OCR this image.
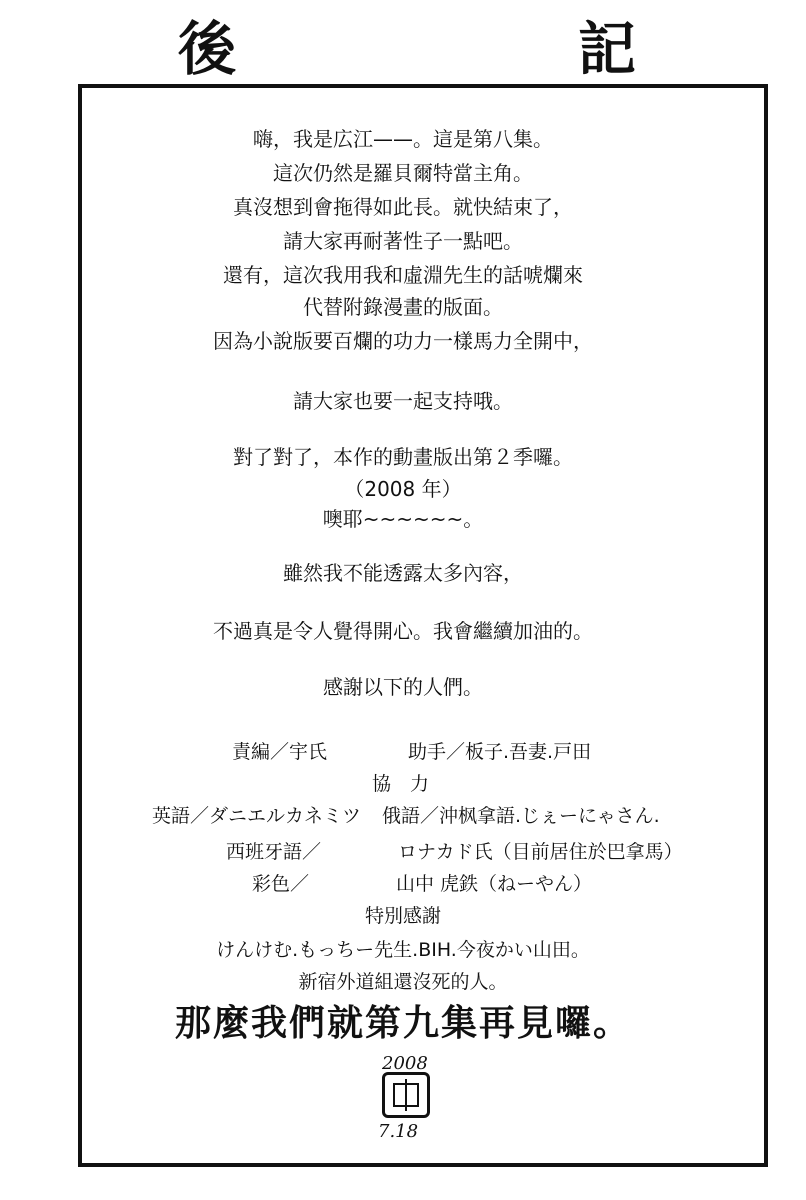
後	記
嗨，我是広江——。這是第八集。
這次仍然是羅貝爾特當主角。
真沒想到會拖得如此長。就快結束了，
請大家再耐著性子一點吧。
還有，這次我用我和虛淵先生的話唬爛來
代替附錄漫畫的版面。
因為小說版要百爛的功力一樣馬力全開中，
請大家也要一起支持哦。
對了對了，本作的動畫版出第２季囉。
（2008 年）
噢耶~~~~~~。
雖然我不能透露太多內容，
不過真是令人覺得開心。我會繼續加油的。
感謝以下的人們。
責編／宇氏	助手／板子.吾妻.戸田
協　力
英語／ダニエルカネミツ 俄語／沖枫拿語.じぇーにゃさん.
西班牙語／	ロナカド氏（目前居住於巴拿馬）
彩色／	山中 虎鉄（ねーやん）
特別感謝
けんけむ.もっちー先生.BIH.今夜かい山田。
新宿外道組還沒死的人。
那麼我們就第九集再見囉。
2008
7.18
